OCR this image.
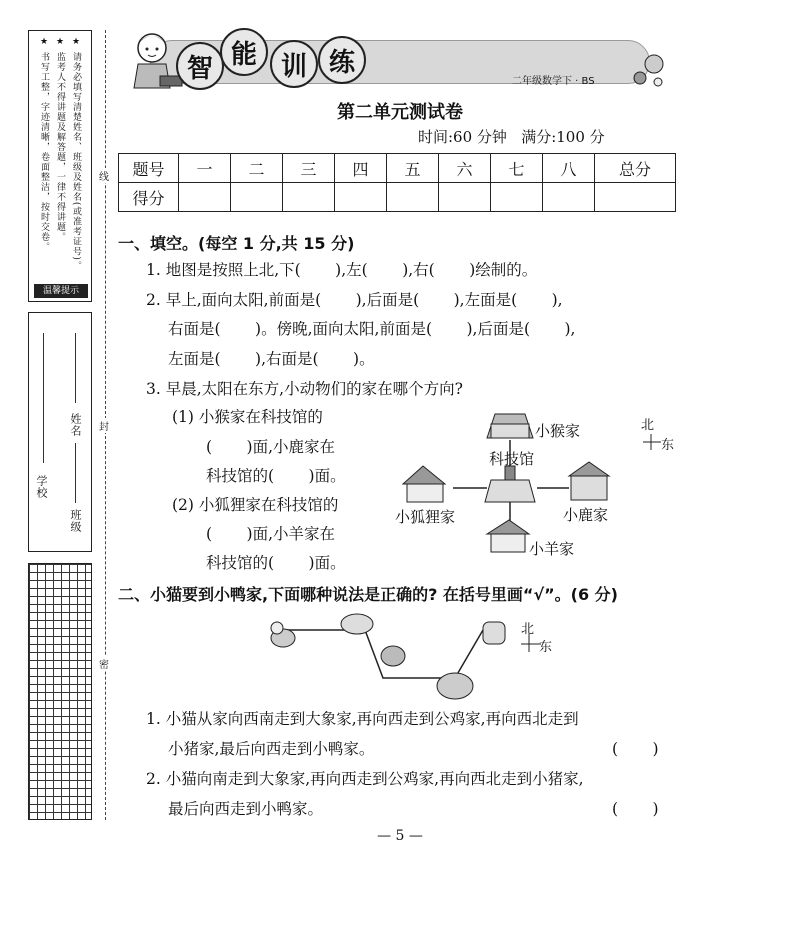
★ 请务必填写清楚姓名、班级及姓名(或准考证号)。
★ 监考人不得讲题及解答题，一律不得讲题。
★ 书写工整，字迹清晰，卷面整洁，按时交卷。
温馨提示
学校
姓名
班级
线
封
密
智 能 训 练
二年级数学下 · BS
第二单元测试卷
时间:60 分钟   满分:100 分
题号	一	二	三	四	五	六	七	八	总分
得分									
一、填空。(每空 1 分,共 15 分)
1. 地图是按照上北,下(       ),左(       ),右(       )绘制的。
2. 早上,面向太阳,前面是(       ),后面是(       ),左面是(       ),
右面是(       )。傍晚,面向太阳,前面是(       ),后面是(       ),
左面是(       ),右面是(       )。
3. 早晨,太阳在东方,小动物们的家在哪个方向?
(1) 小猴家在科技馆的
(       )面,小鹿家在
科技馆的(       )面。
(2) 小狐狸家在科技馆的
(       )面,小羊家在
科技馆的(       )面。
小猴家
科技馆
小狐狸家	小鹿家
小羊家
北
东
二、小猫要到小鸭家,下面哪种说法是正确的? 在括号里画“√”。(6 分)
北
东
1. 小猫从家向西南走到大象家,再向西走到公鸡家,再向西北走到
小猪家,最后向西走到小鸭家。	(       )
2. 小猫向南走到大象家,再向西走到公鸡家,再向西北走到小猪家,
最后向西走到小鸭家。	(       )
— 5 —
